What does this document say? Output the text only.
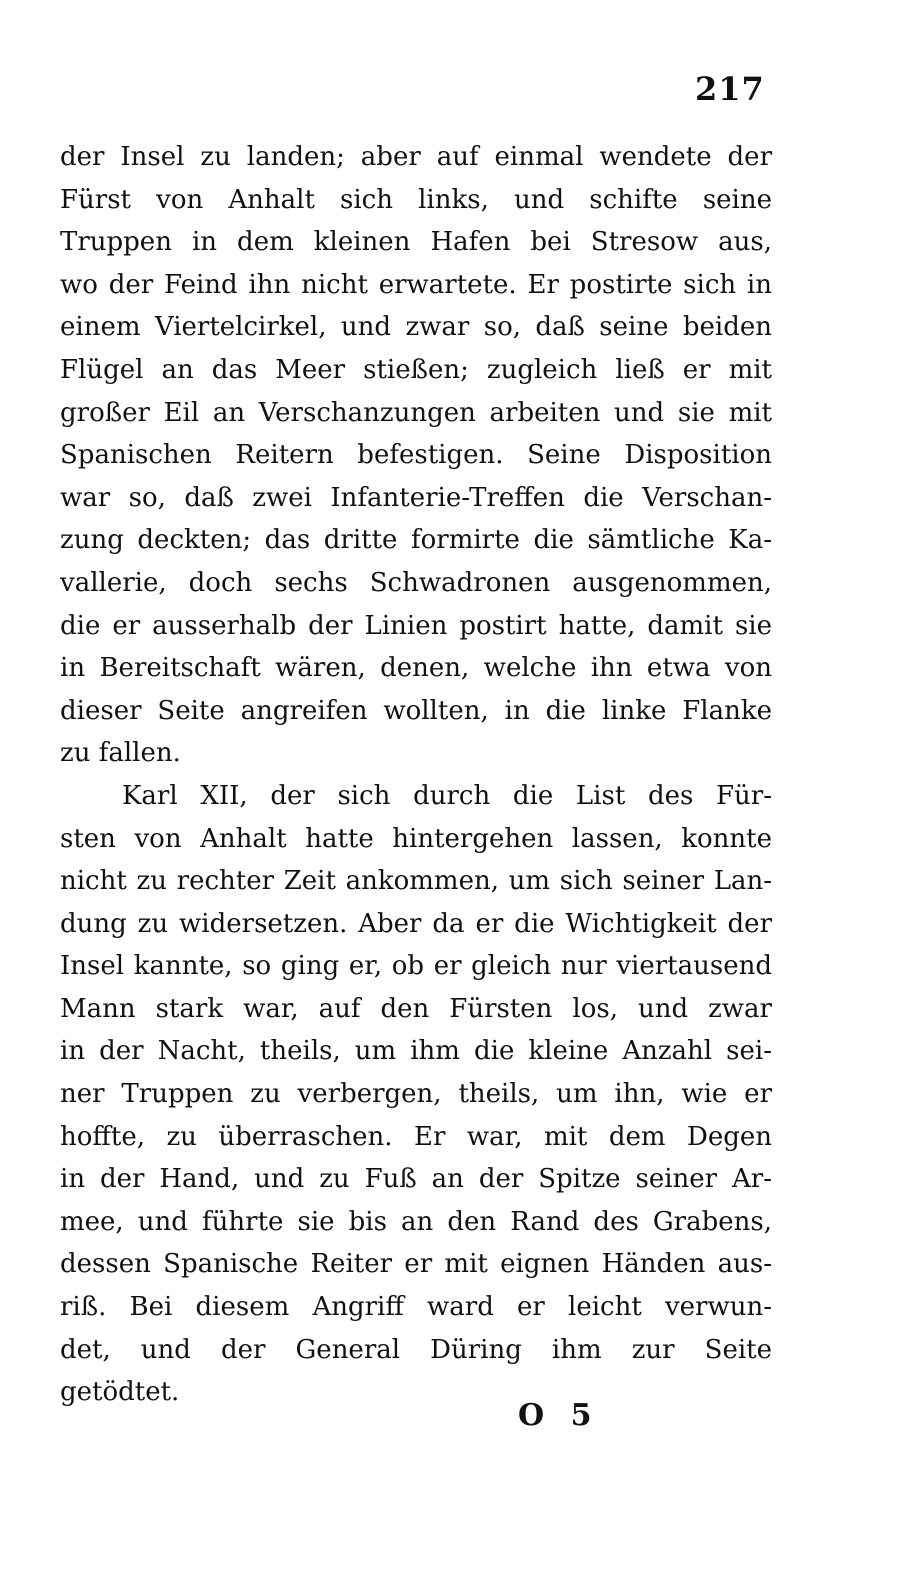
217
der Insel zu landen; aber auf einmal wendete der
Fürst von Anhalt sich links, und schifte seine
Truppen in dem kleinen Hafen bei Stresow aus,
wo der Feind ihn nicht erwartete. Er postirte sich in
einem Viertelcirkel, und zwar so, daß seine beiden
Flügel an das Meer stießen; zugleich ließ er mit
großer Eil an Verschanzungen arbeiten und sie mit
Spanischen Reitern befestigen. Seine Disposition
war so, daß zwei Infanterie-Treffen die Verschan-
zung deckten; das dritte formirte die sämtliche Ka-
vallerie, doch sechs Schwadronen ausgenommen,
die er ausserhalb der Linien postirt hatte, damit sie
in Bereitschaft wären, denen, welche ihn etwa von
dieser Seite angreifen wollten, in die linke Flanke
zu fallen.
Karl XII, der sich durch die List des Für-
sten von Anhalt hatte hintergehen lassen, konnte
nicht zu rechter Zeit ankommen, um sich seiner Lan-
dung zu widersetzen. Aber da er die Wichtigkeit der
Insel kannte, so ging er, ob er gleich nur viertausend
Mann stark war, auf den Fürsten los, und zwar
in der Nacht, theils, um ihm die kleine Anzahl sei-
ner Truppen zu verbergen, theils, um ihn, wie er
hoffte, zu überraschen. Er war, mit dem Degen
in der Hand, und zu Fuß an der Spitze seiner Ar-
mee, und führte sie bis an den Rand des Grabens,
dessen Spanische Reiter er mit eignen Händen aus-
riß. Bei diesem Angriff ward er leicht verwun-
det, und der General Düring ihm zur Seite
getödtet.
O 5
